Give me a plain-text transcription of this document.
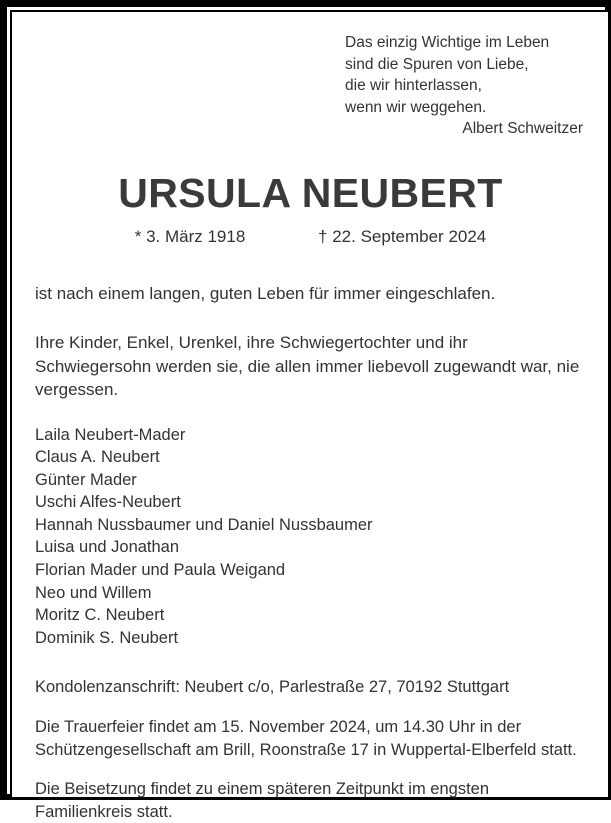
Das einzig Wichtige im Leben
sind die Spuren von Liebe,
die wir hinterlassen,
wenn wir weggehen.
Albert Schweitzer
URSULA NEUBERT
* 3. März 1918	† 22. September 2024

ist nach einem langen, guten Leben für immer eingeschlafen.

Ihre Kinder, Enkel, Urenkel, ihre Schwiegertochter und ihr Schwiegersohn werden sie, die allen immer liebevoll zugewandt war, nie vergessen.

Laila Neubert-Mader
Claus A. Neubert
Günter Mader
Uschi Alfes-Neubert
Hannah Nussbaumer und Daniel Nussbaumer
Luisa und Jonathan
Florian Mader und Paula Weigand
Neo und Willem
Moritz C. Neubert
Dominik S. Neubert

Kondolenzanschrift: Neubert c/o, Parlestraße 27, 70192 Stuttgart

Die Trauerfeier findet am 15. November 2024, um 14.30 Uhr in der Schützengesellschaft am Brill, Roonstraße 17 in Wuppertal-Elberfeld statt.

Die Beisetzung findet zu einem späteren Zeitpunkt im engsten Familienkreis statt.
